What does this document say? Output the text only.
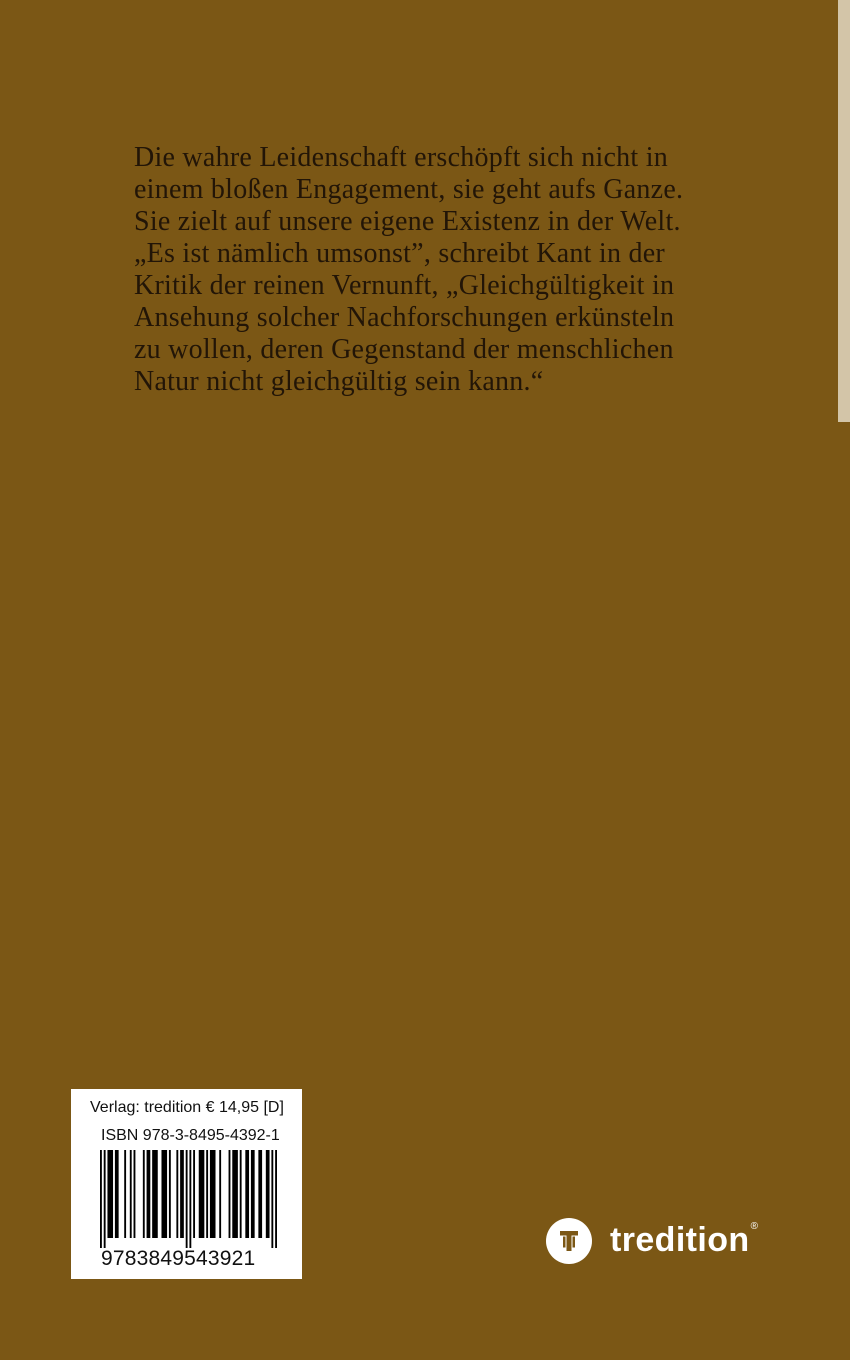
Die wahre Leidenschaft erschöpft sich nicht in
einem bloßen Engagement, sie geht aufs Ganze.
Sie zielt auf unsere eigene Existenz in der Welt.
„Es ist nämlich umsonst”, schreibt Kant in der
Kritik der reinen Vernunft, „Gleichgültigkeit in
Ansehung solcher Nachforschungen erkünsteln
zu wollen, deren Gegenstand der menschlichen
Natur nicht gleichgültig sein kann.“

Verlag: tredition € 14,95 [D]
ISBN 978-3-8495-4392-1
9783849543921	tredition ®
